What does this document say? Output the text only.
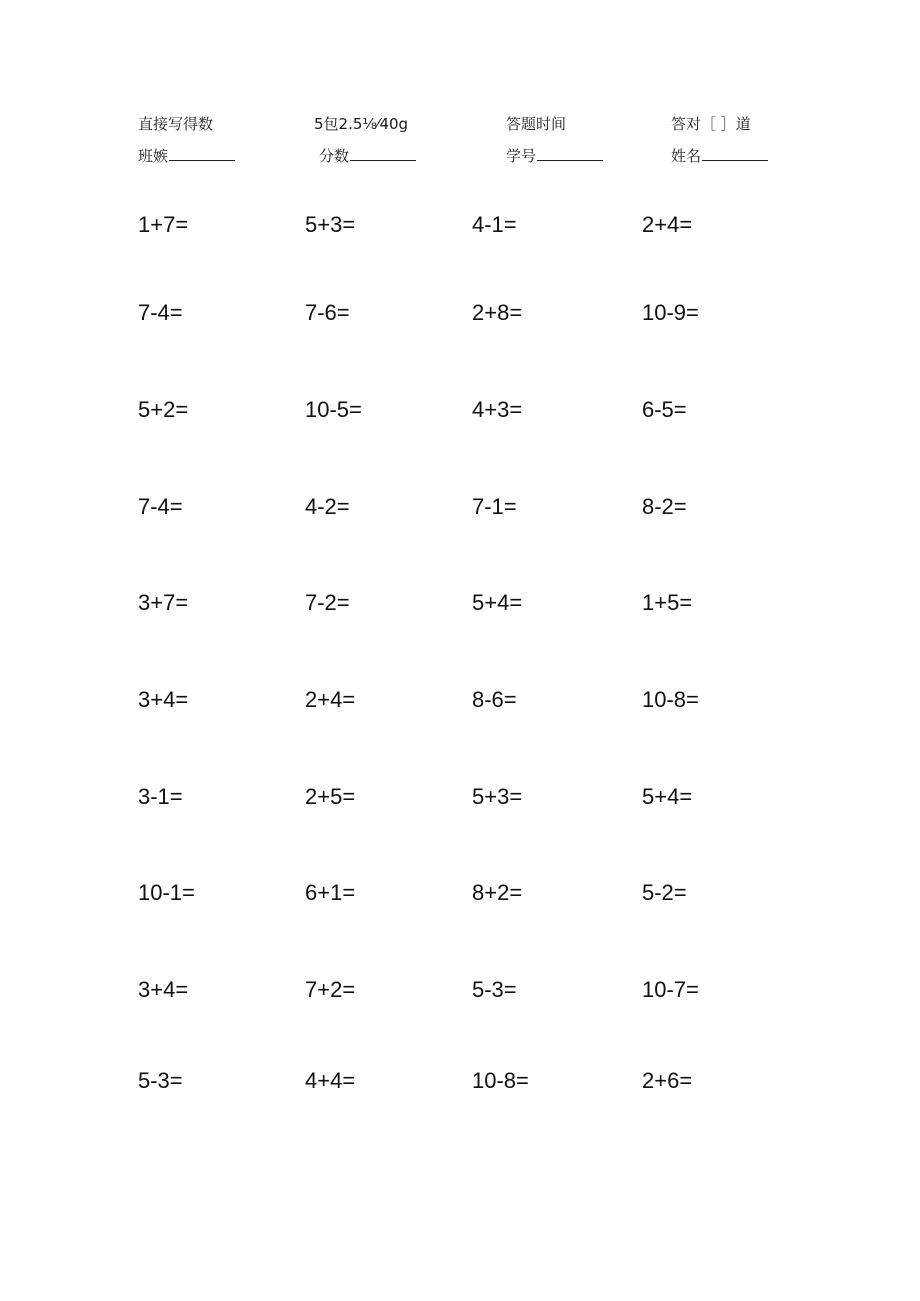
直接写得数	5包2.5⅛⁄40g	答题时间	答对［ ］道
班嫉	分数	学号	姓名
1+7=	5+3=	4-1=	2+4=
7-4=	7-6=	2+8=	10-9=
5+2=	10-5=	4+3=	6-5=
7-4=	4-2=	7-1=	8-2=
3+7=	7-2=	5+4=	1+5=
3+4=	2+4=	8-6=	10-8=
3-1=	2+5=	5+3=	5+4=
10-1=	6+1=	8+2=	5-2=
3+4=	7+2=	5-3=	10-7=
5-3=	4+4=	10-8=	2+6=
